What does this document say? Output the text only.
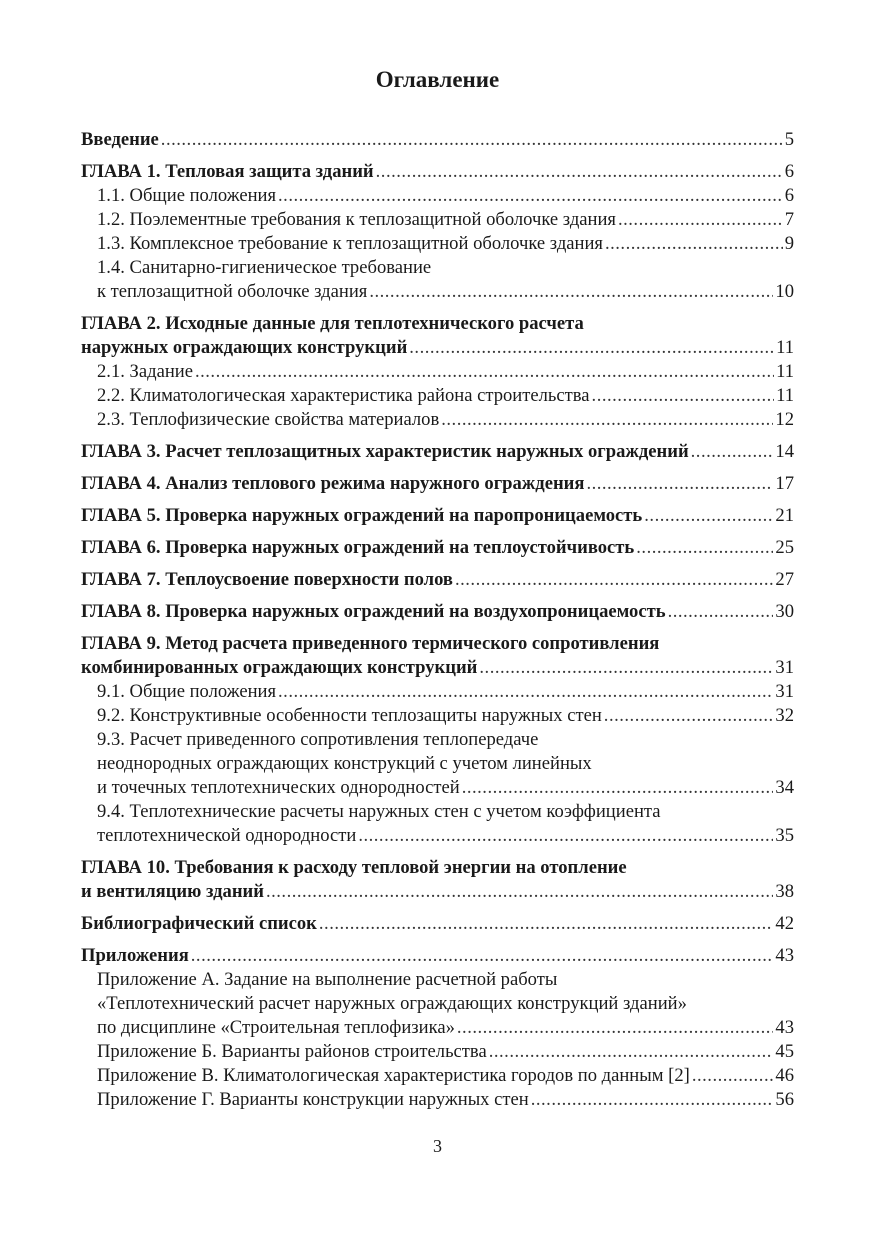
Оглавление
Введение .....	5
ГЛАВА 1. Тепловая защита зданий .....	6
1.1. Общие положения .....	6
1.2. Поэлементные требования к теплозащитной оболочке здания .....	7
1.3. Комплексное требование к теплозащитной оболочке здания .....	9
1.4. Санитарно-гигиеническое требование
к теплозащитной оболочке здания .....	10
ГЛАВА 2. Исходные данные для теплотехнического расчета
наружных ограждающих конструкций .....	11
2.1. Задание .....	11
2.2. Климатологическая характеристика района строительства .....	11
2.3. Теплофизические свойства материалов .....	12
ГЛАВА 3. Расчет теплозащитных характеристик наружных ограждений .....	14
ГЛАВА 4. Анализ теплового режима наружного ограждения .....	17
ГЛАВА 5. Проверка наружных ограждений на паропроницаемость .....	21
ГЛАВА 6. Проверка наружных ограждений на теплоустойчивость .....	25
ГЛАВА 7. Теплоусвоение поверхности полов .....	27
ГЛАВА 8. Проверка наружных ограждений на воздухопроницаемость .....	30
ГЛАВА 9. Метод расчета приведенного термического сопротивления
комбинированных ограждающих конструкций .....	31
9.1. Общие положения .....	31
9.2. Конструктивные особенности теплозащиты наружных стен .....	32
9.3. Расчет приведенного сопротивления теплопередаче
неоднородных ограждающих конструкций с учетом линейных
и точечных теплотехнических однородностей .....	34
9.4. Теплотехнические расчеты наружных стен с учетом коэффициента
теплотехнической однородности .....	35
ГЛАВА 10. Требования к расходу тепловой энергии на отопление
и вентиляцию зданий .....	38
Библиографический список .....	42
Приложения .....	43
Приложение А. Задание на выполнение расчетной работы
«Теплотехнический расчет наружных ограждающих конструкций зданий»
по дисциплине «Строительная теплофизика» .....	43
Приложение Б. Варианты районов строительства .....	45
Приложение В. Климатологическая характеристика городов по данным [2] .....	46
Приложение Г. Варианты конструкции наружных стен .....	56
3
